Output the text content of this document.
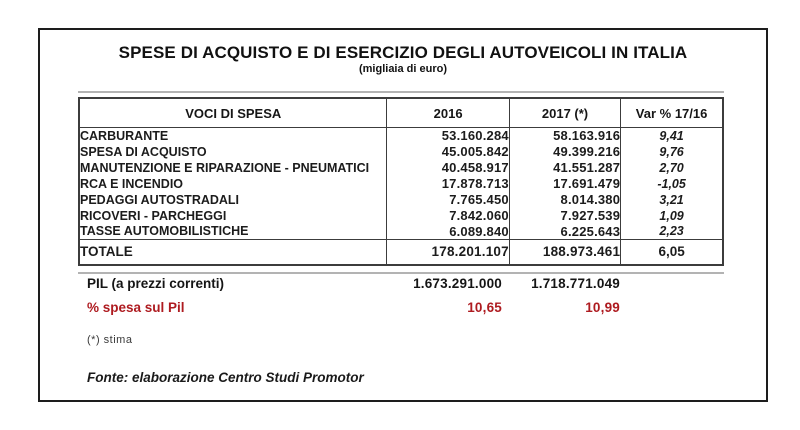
SPESE DI ACQUISTO E DI ESERCIZIO DEGLI AUTOVEICOLI IN ITALIA
(migliaia di euro)
VOCI DI SPESA	2016	2017 (*)	Var % 17/16
CARBURANTE	53.160.284	58.163.916	9,41
SPESA DI ACQUISTO	45.005.842	49.399.216	9,76
MANUTENZIONE E RIPARAZIONE - PNEUMATICI	40.458.917	41.551.287	2,70
RCA E INCENDIO	17.878.713	17.691.479	-1,05
PEDAGGI AUTOSTRADALI	7.765.450	8.014.380	3,21
RICOVERI - PARCHEGGI	7.842.060	7.927.539	1,09
TASSE AUTOMOBILISTICHE	6.089.840	6.225.643	2,23
TOTALE	178.201.107	188.973.461	6,05
PIL (a prezzi correnti)	1.673.291.000	1.718.771.049
% spesa sul Pil	10,65	10,99
(*) stima
Fonte: elaborazione Centro Studi Promotor
